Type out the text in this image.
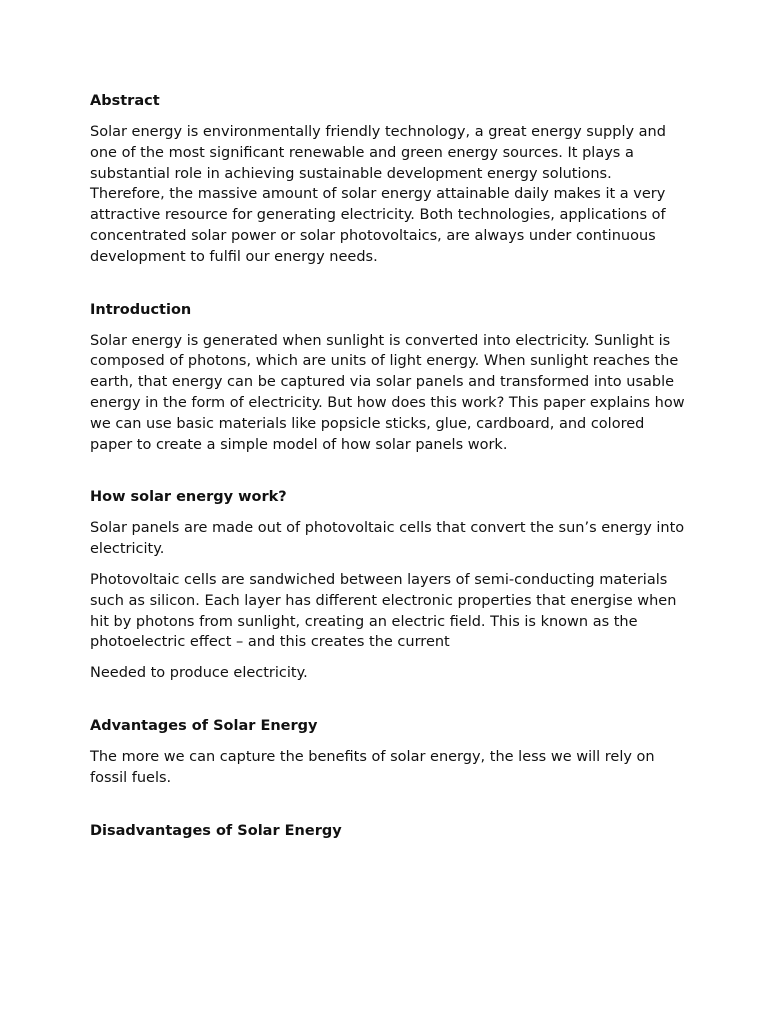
Abstract

Solar energy is environmentally friendly technology, a great energy supply and one of the most significant renewable and green energy sources. It plays a substantial role in achieving sustainable development energy solutions. Therefore, the massive amount of solar energy attainable daily makes it a very attractive resource for generating electricity. Both technologies, applications of concentrated solar power or solar photovoltaics, are always under continuous development to fulfil our energy needs.

Introduction

Solar energy is generated when sunlight is converted into electricity. Sunlight is composed of photons, which are units of light energy. When sunlight reaches the earth, that energy can be captured via solar panels and transformed into usable energy in the form of electricity. But how does this work? This paper explains how we can use basic materials like popsicle sticks, glue, cardboard, and colored paper to create a simple model of how solar panels work.

How solar energy work?

Solar panels are made out of photovoltaic cells that convert the sun’s energy into electricity.

Photovoltaic cells are sandwiched between layers of semi-conducting materials such as silicon. Each layer has different electronic properties that energise when hit by photons from sunlight, creating an electric field. This is known as the photoelectric effect – and this creates the current

Needed to produce electricity.

Advantages of Solar Energy

The more we can capture the benefits of solar energy, the less we will rely on fossil fuels.

Disadvantages of Solar Energy
